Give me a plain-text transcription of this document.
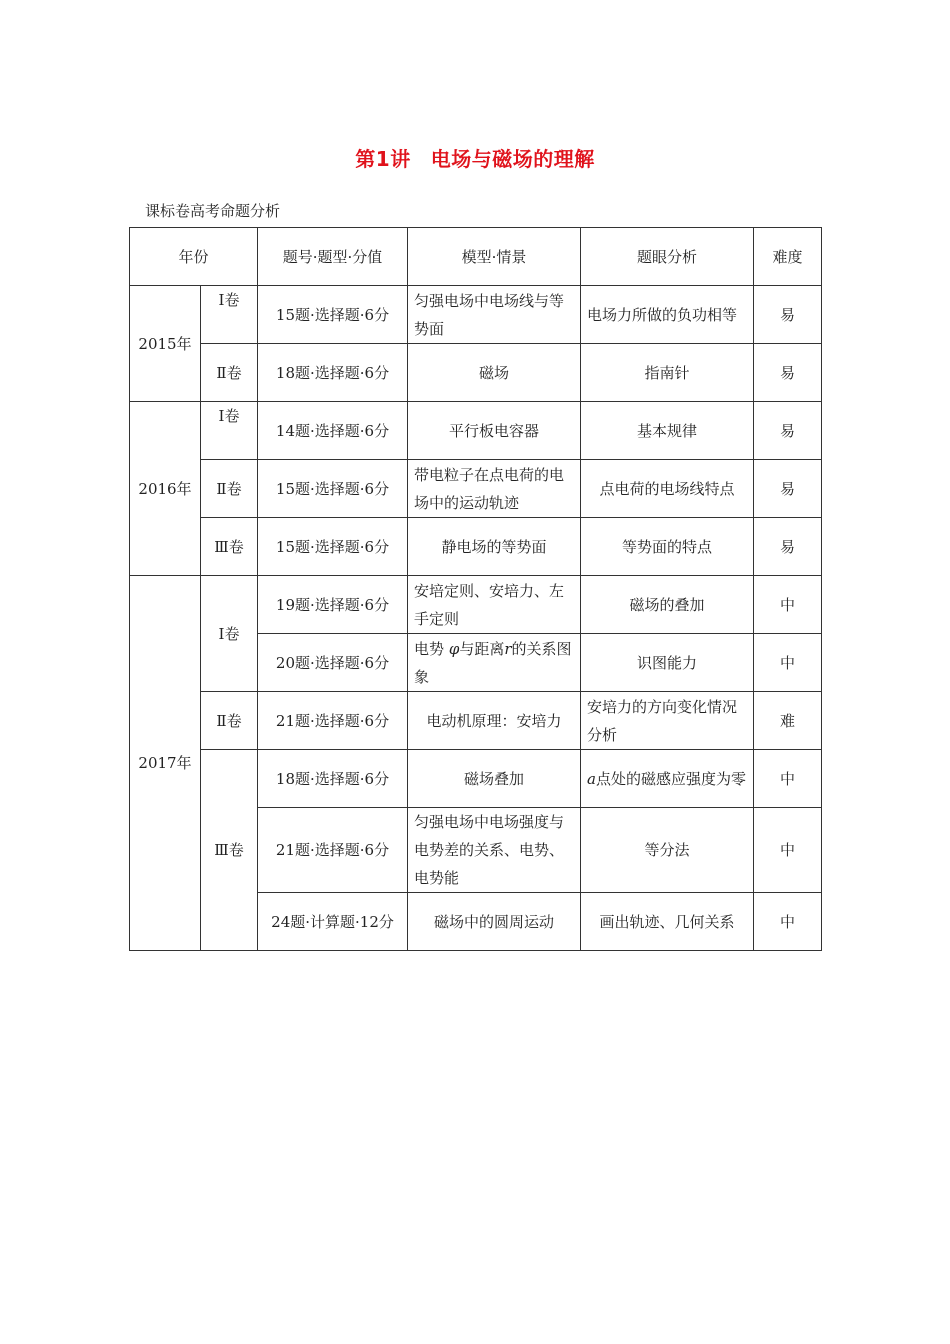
第1讲 电场与磁场的理解
课标卷高考命题分析
年份		题号·题型·分值	模型·情景	题眼分析	难度
2015年	Ⅰ卷	15题·选择题·6分	匀强电场中电场线与等势面	电场力所做的负功相等	易
	Ⅱ卷	18题·选择题·6分	磁场	指南针	易
2016年	Ⅰ卷	14题·选择题·6分	平行板电容器	基本规律	易
	Ⅱ卷	15题·选择题·6分	带电粒子在点电荷的电场中的运动轨迹	点电荷的电场线特点	易
	Ⅲ卷	15题·选择题·6分	静电场的等势面	等势面的特点	易
2017年	Ⅰ卷	19题·选择题·6分	安培定则、安培力、左手定则	磁场的叠加	中
		20题·选择题·6分	电势 φ与距离r的关系图象	识图能力	中
	Ⅱ卷	21题·选择题·6分	电动机原理：安培力	安培力的方向变化情况分析	难
	Ⅲ卷	18题·选择题·6分	磁场叠加	a点处的磁感应强度为零	中
		21题·选择题·6分	匀强电场中电场强度与电势差的关系、电势、电势能	等分法	中
		24题·计算题·12分	磁场中的圆周运动	画出轨迹、几何关系	中
